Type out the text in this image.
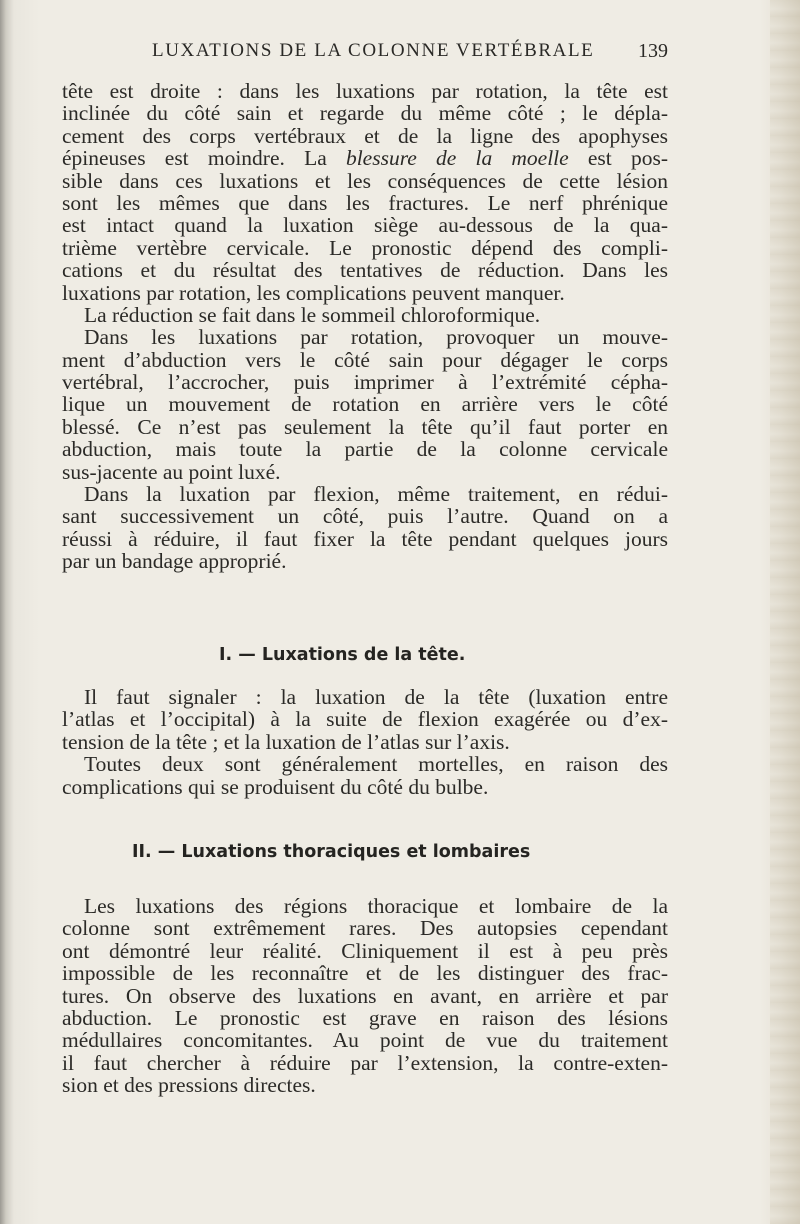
LUXATIONS DE LA COLONNE VERTÉBRALE 139
tête est droite : dans les luxations par rotation, la tête est
inclinée du côté sain et regarde du même côté ; le dépla-
cement des corps vertébraux et de la ligne des apophyses
épineuses est moindre. La blessure de la moelle est pos-
sible dans ces luxations et les conséquences de cette lésion
sont les mêmes que dans les fractures. Le nerf phrénique
est intact quand la luxation siège au-dessous de la qua-
trième vertèbre cervicale. Le pronostic dépend des compli-
cations et du résultat des tentatives de réduction. Dans les
luxations par rotation, les complications peuvent manquer.
La réduction se fait dans le sommeil chloroformique.
Dans les luxations par rotation, provoquer un mouve-
ment d’abduction vers le côté sain pour dégager le corps
vertébral, l’accrocher, puis imprimer à l’extrémité cépha-
lique un mouvement de rotation en arrière vers le côté
blessé. Ce n’est pas seulement la tête qu’il faut porter en
abduction, mais toute la partie de la colonne cervicale
sus-jacente au point luxé.
Dans la luxation par flexion, même traitement, en rédui-
sant successivement un côté, puis l’autre. Quand on a
réussi à réduire, il faut fixer la tête pendant quelques jours
par un bandage approprié.
I. — Luxations de la tête.
Il faut signaler : la luxation de la tête (luxation entre
l’atlas et l’occipital) à la suite de flexion exagérée ou d’ex-
tension de la tête ; et la luxation de l’atlas sur l’axis.
Toutes deux sont généralement mortelles, en raison des
complications qui se produisent du côté du bulbe.
II. — Luxations thoraciques et lombaires
Les luxations des régions thoracique et lombaire de la
colonne sont extrêmement rares. Des autopsies cependant
ont démontré leur réalité. Cliniquement il est à peu près
impossible de les reconnaître et de les distinguer des frac-
tures. On observe des luxations en avant, en arrière et par
abduction. Le pronostic est grave en raison des lésions
médullaires concomitantes. Au point de vue du traitement
il faut chercher à réduire par l’extension, la contre-exten-
sion et des pressions directes.
